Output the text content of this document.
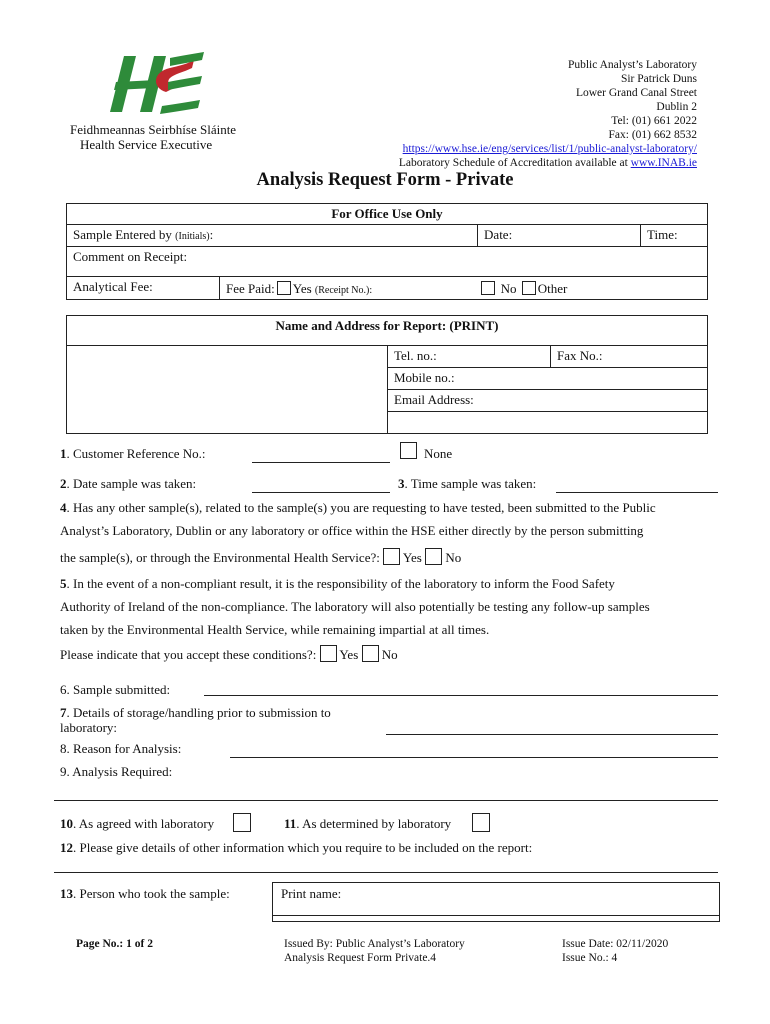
Feidhmeannas Seirbhíse Sláinte
Health Service Executive
Public Analyst’s Laboratory
Sir Patrick Duns
Lower Grand Canal Street
Dublin 2
Tel: (01) 661 2022
Fax: (01) 662 8532
https://www.hse.ie/eng/services/list/1/public-analyst-laboratory/
Laboratory Schedule of Accreditation available at www.INAB.ie
Analysis Request Form - Private
For Office Use Only			
Sample Entered by (Initials):		Date:	Time:
Comment on Receipt:			
Analytical Fee:	Fee Paid: Yes (Receipt No.): No Other		
Name and Address for Report: (PRINT)
	Tel. no.:	Fax No.:
Mobile no.:
Email Address:

1. Customer Reference No.:	None
2. Date sample was taken:	3. Time sample was taken:
4. Has any other sample(s), related to the sample(s) you are requesting to have tested, been submitted to the Public
Analyst’s Laboratory, Dublin or any laboratory or office within the HSE either directly by the person submitting
the sample(s), or through the Environmental Health Service?: Yes No
5. In the event of a non-compliant result, it is the responsibility of the laboratory to inform the Food Safety
Authority of Ireland of the non-compliance. The laboratory will also potentially be testing any follow-up samples
taken by the Environmental Health Service, while remaining impartial at all times.
Please indicate that you accept these conditions?: Yes No
6. Sample submitted:
7. Details of storage/handling prior to submission to
laboratory:
8. Reason for Analysis:
9. Analysis Required:
10. As agreed with laboratory	11. As determined by laboratory
12. Please give details of other information which you require to be included on the report:
13. Person who took the sample:	Print name:
Page No.: 1 of 2	Issued By: Public Analyst’s Laboratory
Analysis Request Form Private.4
Issue Date: 02/11/2020
Issue No.: 4
